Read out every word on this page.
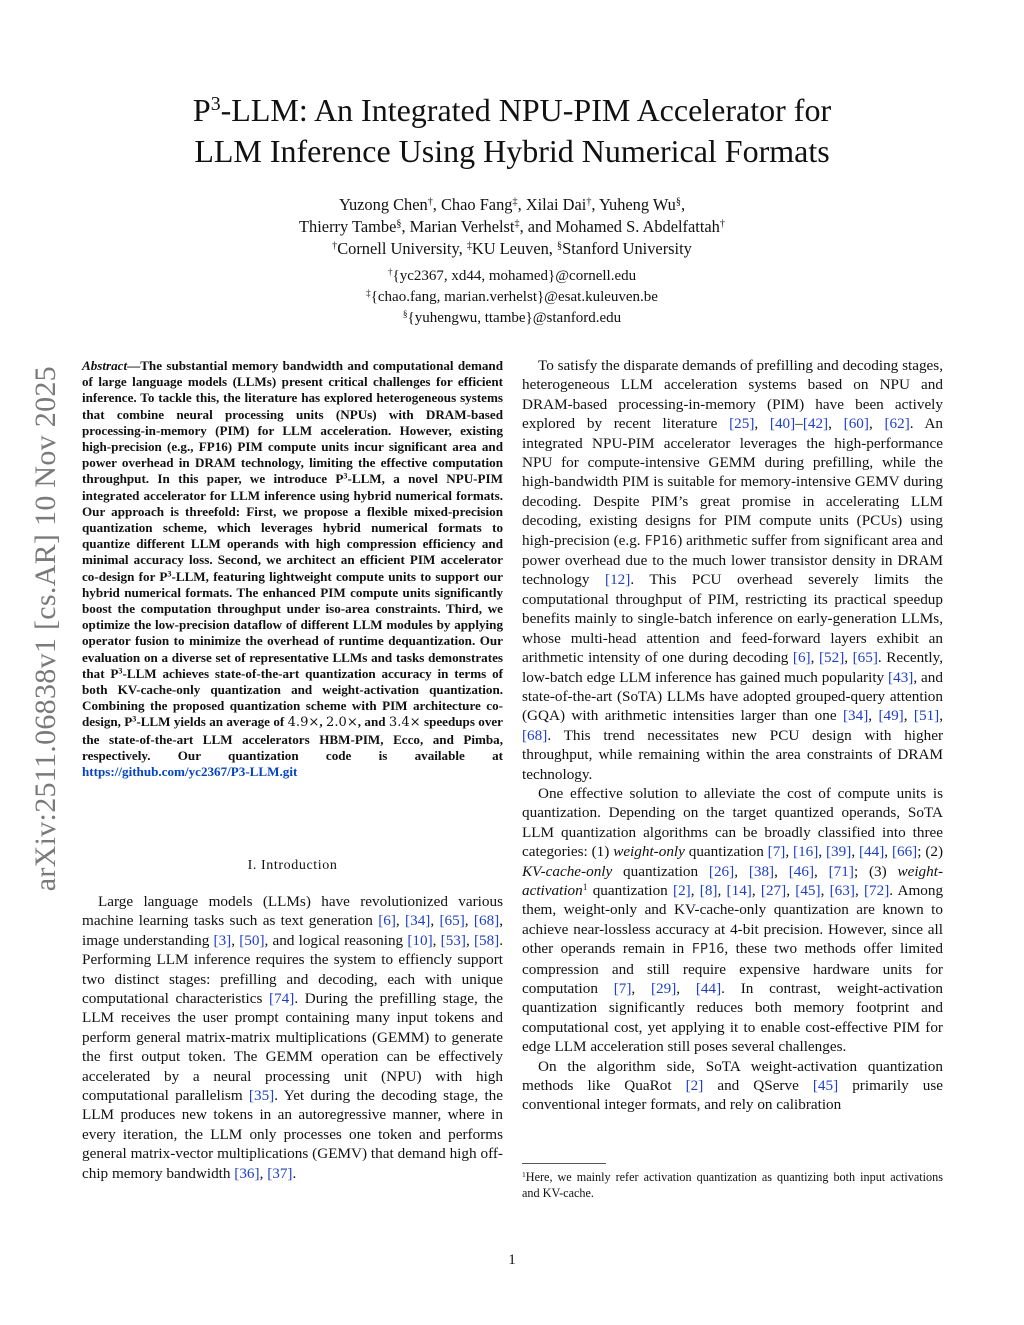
arXiv:2511.06838v1 [cs.AR] 10 Nov 2025
$P^3$-LLM: An Integrated NPU-PIM Accelerator for
LLM Inference Using Hybrid Numerical Formats
Yuzong Chen†, Chao Fang‡, Xilai Dai†, Yuheng Wu§,
Thierry Tambe§, Marian Verhelst‡, and Mohamed S. Abdelfattah†
†Cornell University, ‡KU Leuven, §Stanford University
†{yc2367, xd44, mohamed}@cornell.edu
‡{chao.fang, marian.verhelst}@esat.kuleuven.be
§{yuhengwu, ttambe}@stanford.edu
Abstract—The substantial memory bandwidth and computational demand of large language models (LLMs) present critical challenges for efficient inference. To tackle this, the literature has explored heterogeneous systems that combine neural processing units (NPUs) with DRAM-based processing-in-memory (PIM) for LLM acceleration. However, existing high-precision (e.g., FP16) PIM compute units incur significant area and power overhead in DRAM technology, limiting the effective computation throughput. In this paper, we introduce $P^3$-LLM, a novel NPU-PIM integrated accelerator for LLM inference using hybrid numerical formats. Our approach is threefold: First, we propose a flexible mixed-precision quantization scheme, which leverages hybrid numerical formats to quantize different LLM operands with high compression efficiency and minimal accuracy loss. Second, we architect an efficient PIM accelerator co-design for $P^3$-LLM, featuring lightweight compute units to support our hybrid numerical formats. The enhanced PIM compute units significantly boost the computation throughput under iso-area constraints. Third, we optimize the low-precision dataflow of different LLM modules by applying operator fusion to minimize the overhead of runtime dequantization. Our evaluation on a diverse set of representative LLMs and tasks demonstrates that $P^3$-LLM achieves state-of-the-art quantization accuracy in terms of both KV-cache-only quantization and weight-activation quantization. Combining the proposed quantization scheme with PIM architecture co-design, $P^3$-LLM yields an average of 4.9×, 2.0×, and 3.4× speedups over the state-of-the-art LLM accelerators HBM-PIM, Ecco, and Pimba, respectively. Our quantization code is available at https://github.com/yc2367/P3-LLM.git
I. Introduction

Large language models (LLMs) have revolutionized various machine learning tasks such as text generation [6], [34], [65], [68], image understanding [3], [50], and logical reasoning [10], [53], [58]. Performing LLM inference requires the system to effiencly support two distinct stages: prefilling and decoding, each with unique computational characteristics [74]. During the prefilling stage, the LLM receives the user prompt containing many input tokens and perform general matrix-matrix multiplications (GEMM) to generate the first output token. The GEMM operation can be effectively accelerated by a neural processing unit (NPU) with high computational parallelism [35]. Yet during the decoding stage, the LLM produces new tokens in an autoregressive manner, where in every iteration, the LLM only processes one token and performs general matrix-vector multiplications (GEMV) that demand high off-chip memory bandwidth [36], [37].

To satisfy the disparate demands of prefilling and decoding stages, heterogeneous LLM acceleration systems based on NPU and DRAM-based processing-in-memory (PIM) have been actively explored by recent literature [25], [40]–[42], [60], [62]. An integrated NPU-PIM accelerator leverages the high-performance NPU for compute-intensive GEMM during prefilling, while the high-bandwidth PIM is suitable for memory-intensive GEMV during decoding. Despite PIM’s great promise in accelerating LLM decoding, existing designs for PIM compute units (PCUs) using high-precision (e.g. FP16) arithmetic suffer from significant area and power overhead due to the much lower transistor density in DRAM technology [12]. This PCU overhead severely limits the computational throughput of PIM, restricting its practical speedup benefits mainly to single-batch inference on early-generation LLMs, whose multi-head attention and feed-forward layers exhibit an arithmetic intensity of one during decoding [6], [52], [65]. Recently, low-batch edge LLM inference has gained much popularity [43], and state-of-the-art (SoTA) LLMs have adopted grouped-query attention (GQA) with arithmetic intensities larger than one [34], [49], [51], [68]. This trend necessitates new PCU design with higher throughput, while remaining within the area constraints of DRAM technology.

One effective solution to alleviate the cost of compute units is quantization. Depending on the target quantized operands, SoTA LLM quantization algorithms can be broadly classified into three categories: (1) weight-only quantization [7], [16], [39], [44], [66]; (2) KV-cache-only quantization [26], [38], [46], [71]; (3) weight-activation$^1$ quantization [2], [8], [14], [27], [45], [63], [72]. Among them, weight-only and KV-cache-only quantization are known to achieve near-lossless accuracy at 4-bit precision. However, since all other operands remain in FP16, these two methods offer limited compression and still require expensive hardware units for computation [7], [29], [44]. In contrast, weight-activation quantization significantly reduces both memory footprint and computational cost, yet applying it to enable cost-effective PIM for edge LLM acceleration still poses several challenges.

On the algorithm side, SoTA weight-activation quantization methods like QuaRot [2] and QServe [45] primarily use conventional integer formats, and rely on calibration

$^1$Here, we mainly refer activation quantization as quantizing both input activations and KV-cache.
1
